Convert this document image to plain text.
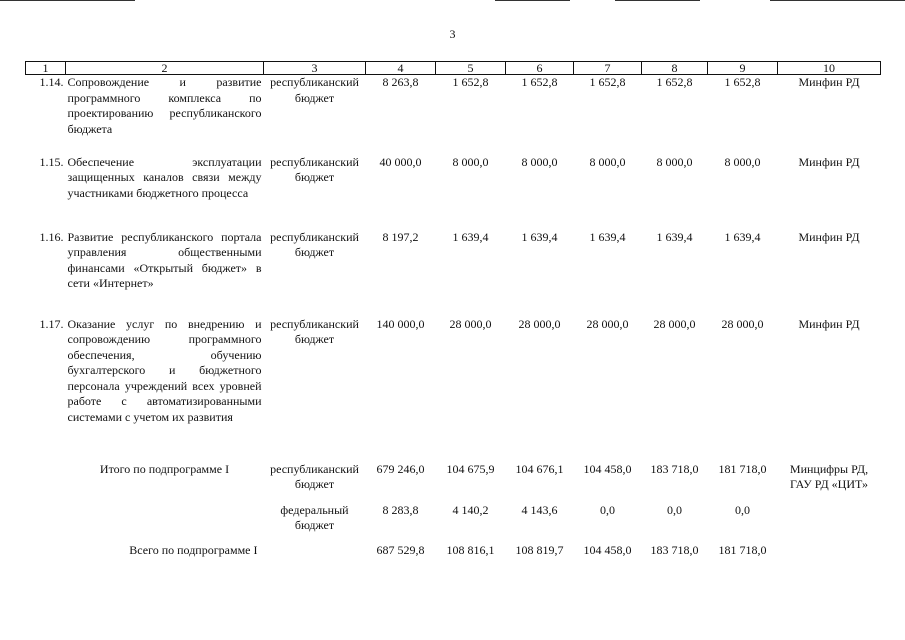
3
1	2	3	4	5	6	7	8	9	10
1.14.	Сопровождение и развитие программного комплекса по проектированию республиканского бюджета	республиканский бюджет	8 263,8	1 652,8	1 652,8	1 652,8	1 652,8	1 652,8	Минфин РД
1.15.	Обеспечение эксплуатации защищенных каналов связи между участниками бюджетного процесса	республиканский бюджет	40 000,0	8 000,0	8 000,0	8 000,0	8 000,0	8 000,0	Минфин РД
1.16.	Развитие республиканского портала управления общественными финансами «Открытый бюджет» в сети «Интернет»	республиканский бюджет	8 197,2	1 639,4	1 639,4	1 639,4	1 639,4	1 639,4	Минфин РД
1.17.	Оказание услуг по внедрению и сопровождению программного обеспечения, обучению бухгалтерского и бюджетного персонала учреждений всех уровней работе с автоматизированными системами с учетом их развития	республиканский бюджет	140 000,0	28 000,0	28 000,0	28 000,0	28 000,0	28 000,0	Минфин РД
	Итого по подпрограмме I	республиканский бюджет	679 246,0	104 675,9	104 676,1	104 458,0	183 718,0	181 718,0	Минцифры РД, ГАУ РД «ЦИТ»
		федеральный бюджет	8 283,8	4 140,2	4 143,6	0,0	0,0	0,0	

	Всего по подпрограмме I		687 529,8	108 816,1	108 819,7	104 458,0	183 718,0	181 718,0	
